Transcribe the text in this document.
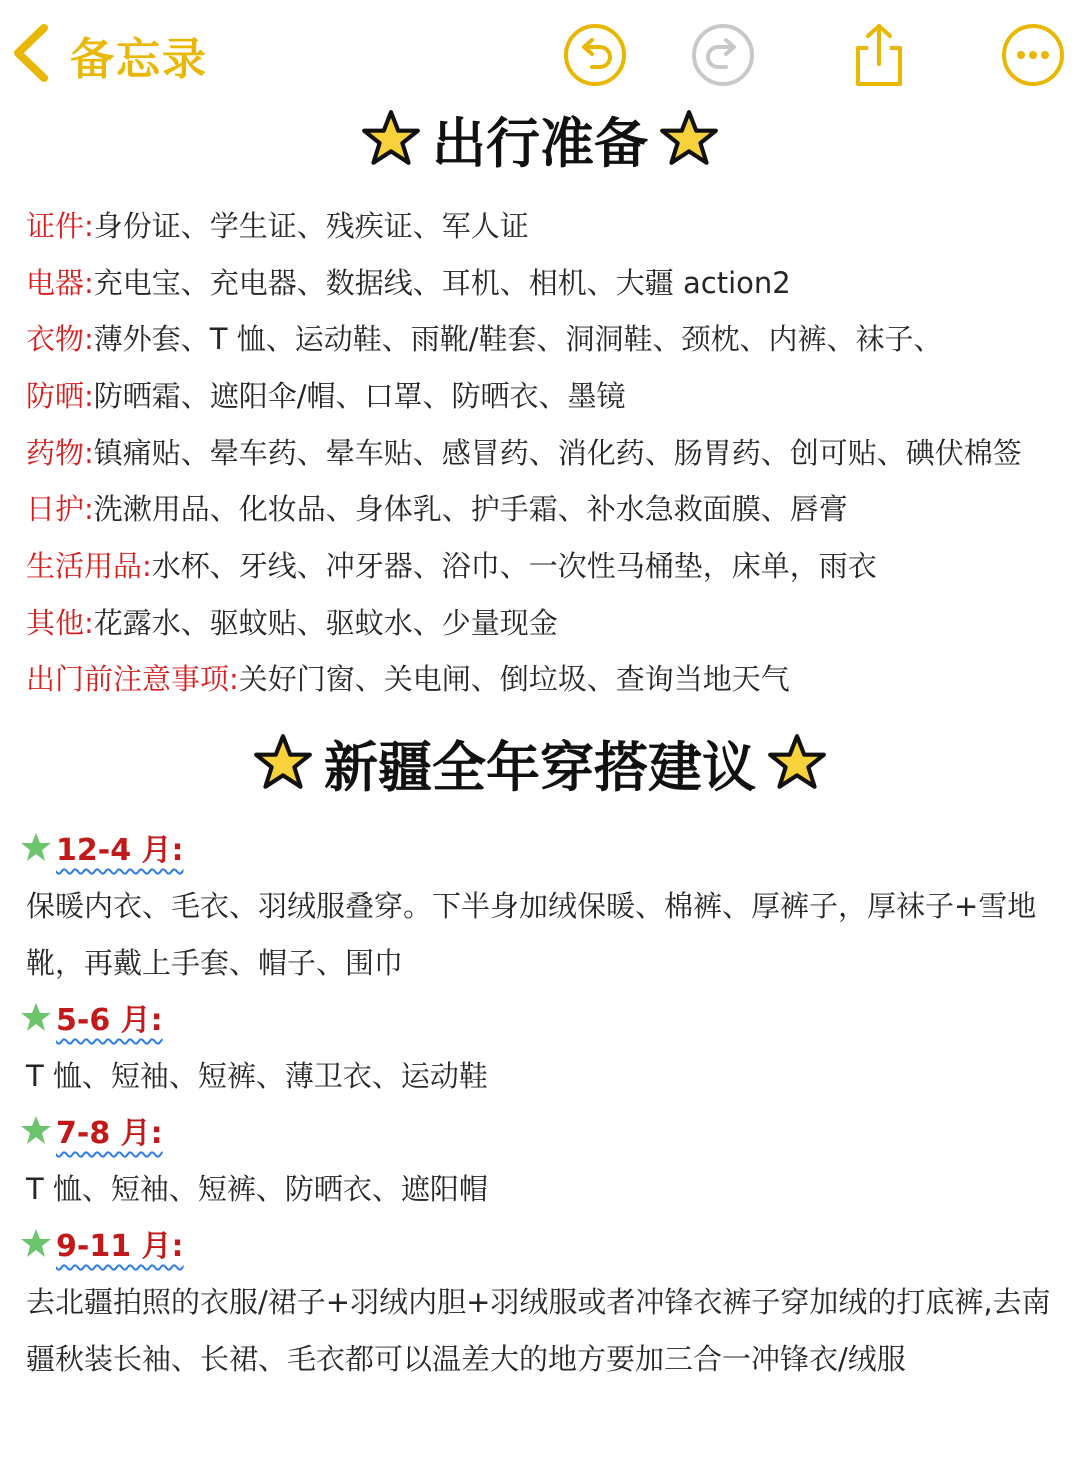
备忘录
出行准备
证件: 身份证、学生证、残疾证、军人证
电器: 充电宝、充电器、数据线、耳机、相机、大疆 action2
衣物: 薄外套、T 恤、运动鞋、雨靴/鞋套、洞洞鞋、颈枕、内裤、袜子、
防晒: 防晒霜、遮阳伞/帽、口罩、防晒衣、墨镜
药物: 镇痛贴、晕车药、晕车贴、感冒药、消化药、肠胃药、创可贴、碘伏棉签
日护: 洗漱用品、化妆品、身体乳、护手霜、补水急救面膜、唇膏
生活用品: 水杯、牙线、冲牙器、浴巾、一次性马桶垫，床单，雨衣
其他: 花露水、驱蚊贴、驱蚊水、少量现金
出门前注意事项: 关好门窗、关电闸、倒垃圾、查询当地天气
新疆全年穿搭建议
12-4 月:
保暖内衣、毛衣、羽绒服叠穿。下半身加绒保暖、棉裤、厚裤子，厚袜子+雪地靴，再戴上手套、帽子、围巾
5-6 月:
T 恤、短袖、短裤、薄卫衣、运动鞋
7-8 月:
T 恤、短袖、短裤、防晒衣、遮阳帽
9-11 月:
去北疆拍照的衣服/裙子+羽绒内胆+羽绒服或者冲锋衣裤子穿加绒的打底裤,去南疆秋装长袖、长裙、毛衣都可以温差大的地方要加三合一冲锋衣/绒服
